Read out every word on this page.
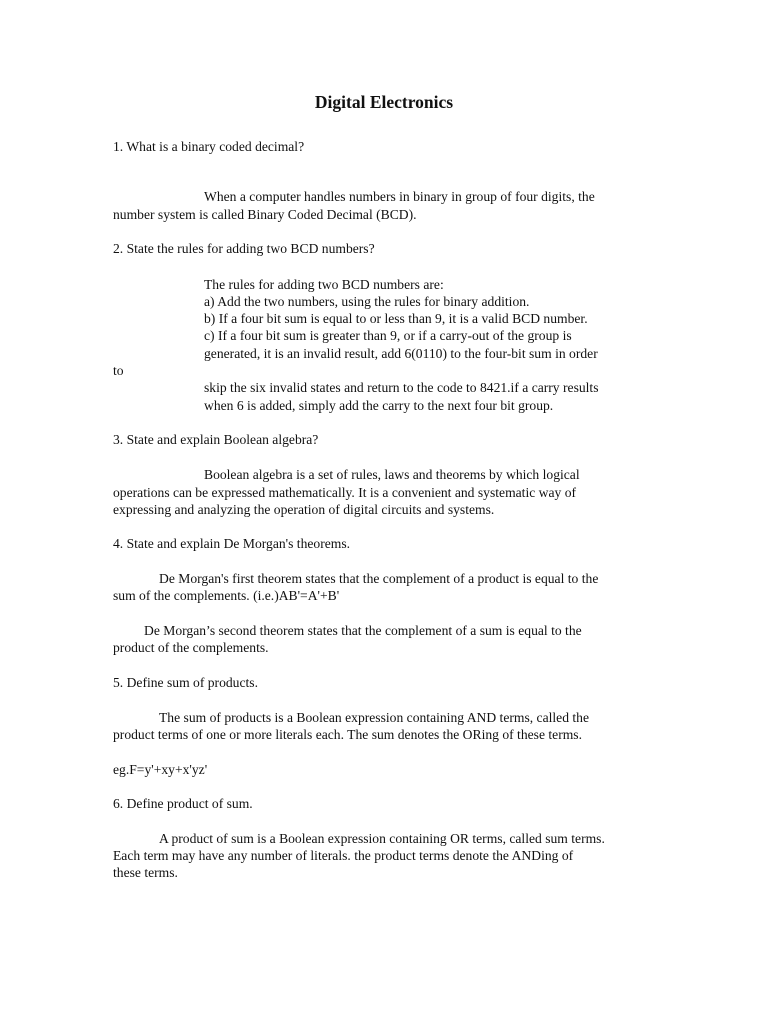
Digital Electronics
1. What is a binary coded decimal?
When a computer handles numbers in binary in group of four digits, the
number system is called Binary Coded Decimal (BCD).
2. State the rules for adding two BCD numbers?
The rules for adding two BCD numbers are:
a) Add the two numbers, using the rules for binary addition.
b) If a four bit sum is equal to or less than 9, it is a valid BCD number.
c) If a four bit sum is greater than 9, or if a carry-out of the group is
generated, it is an invalid result, add 6(0110) to the four-bit sum in order
to
skip the six invalid states and return to the code to 8421.if a carry results
when 6 is added, simply add the carry to the next four bit group.
3. State and explain Boolean algebra?
Boolean algebra is a set of rules, laws and theorems by which logical
operations can be expressed mathematically. It is a convenient and systematic way of
expressing and analyzing the operation of digital circuits and systems.
4. State and explain De Morgan's theorems.
De Morgan's first theorem states that the complement of a product is equal to the
sum of the complements. (i.e.)AB'=A'+B'
De Morgan’s second theorem states that the complement of a sum is equal to the
product of the complements.
5. Define sum of products.
The sum of products is a Boolean expression containing AND terms, called the
product terms of one or more literals each. The sum denotes the ORing of these terms.
eg.F=y'+xy+x'yz'
6. Define product of sum.
A product of sum is a Boolean expression containing OR terms, called sum terms.
Each term may have any number of literals. the product terms denote the ANDing of
these terms.
